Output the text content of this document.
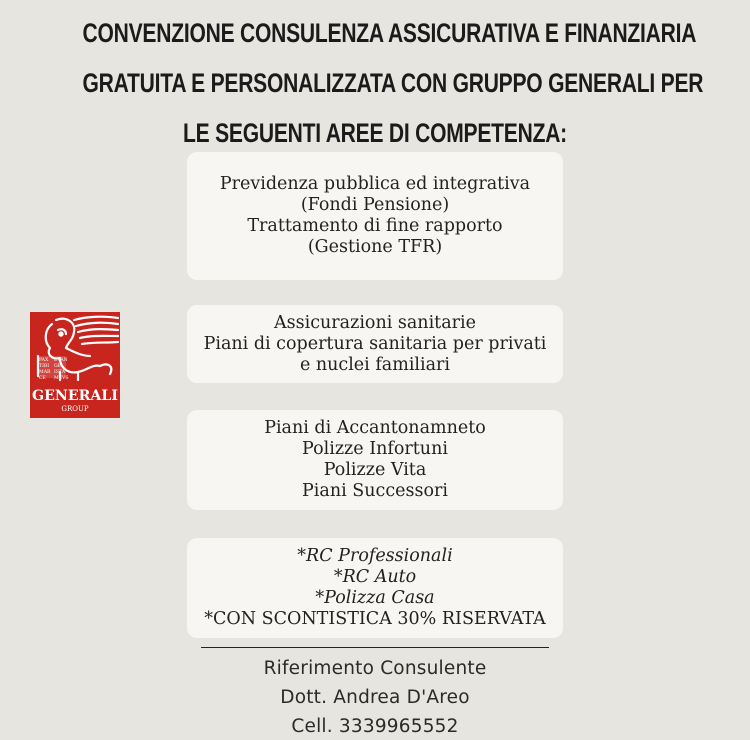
CONVENZIONE CONSULENZA ASSICURATIVA E FINANZIARIA
GRATUITA E PERSONALIZZATA CON GRUPPO GENERALI PER
LE SEGUENTI AREE DI COMPETENZA:
PAX
TIBI
MAR
CE
EVAN
GEL
ISTA
MEVS
GENERALI
GROUP
Previdenza pubblica ed integrativa
(Fondi Pensione)
Trattamento di fine rapporto
(Gestione TFR)
Assicurazioni sanitarie
Piani di copertura sanitaria per privati
e nuclei familiari
Piani di Accantonamneto
Polizze Infortuni
Polizze Vita
Piani Successori
*RC Professionali
*RC Auto
*Polizza Casa
*CON SCONTISTICA 30% RISERVATA
Riferimento Consulente
Dott. Andrea D'Areo
Cell. 3339965552
